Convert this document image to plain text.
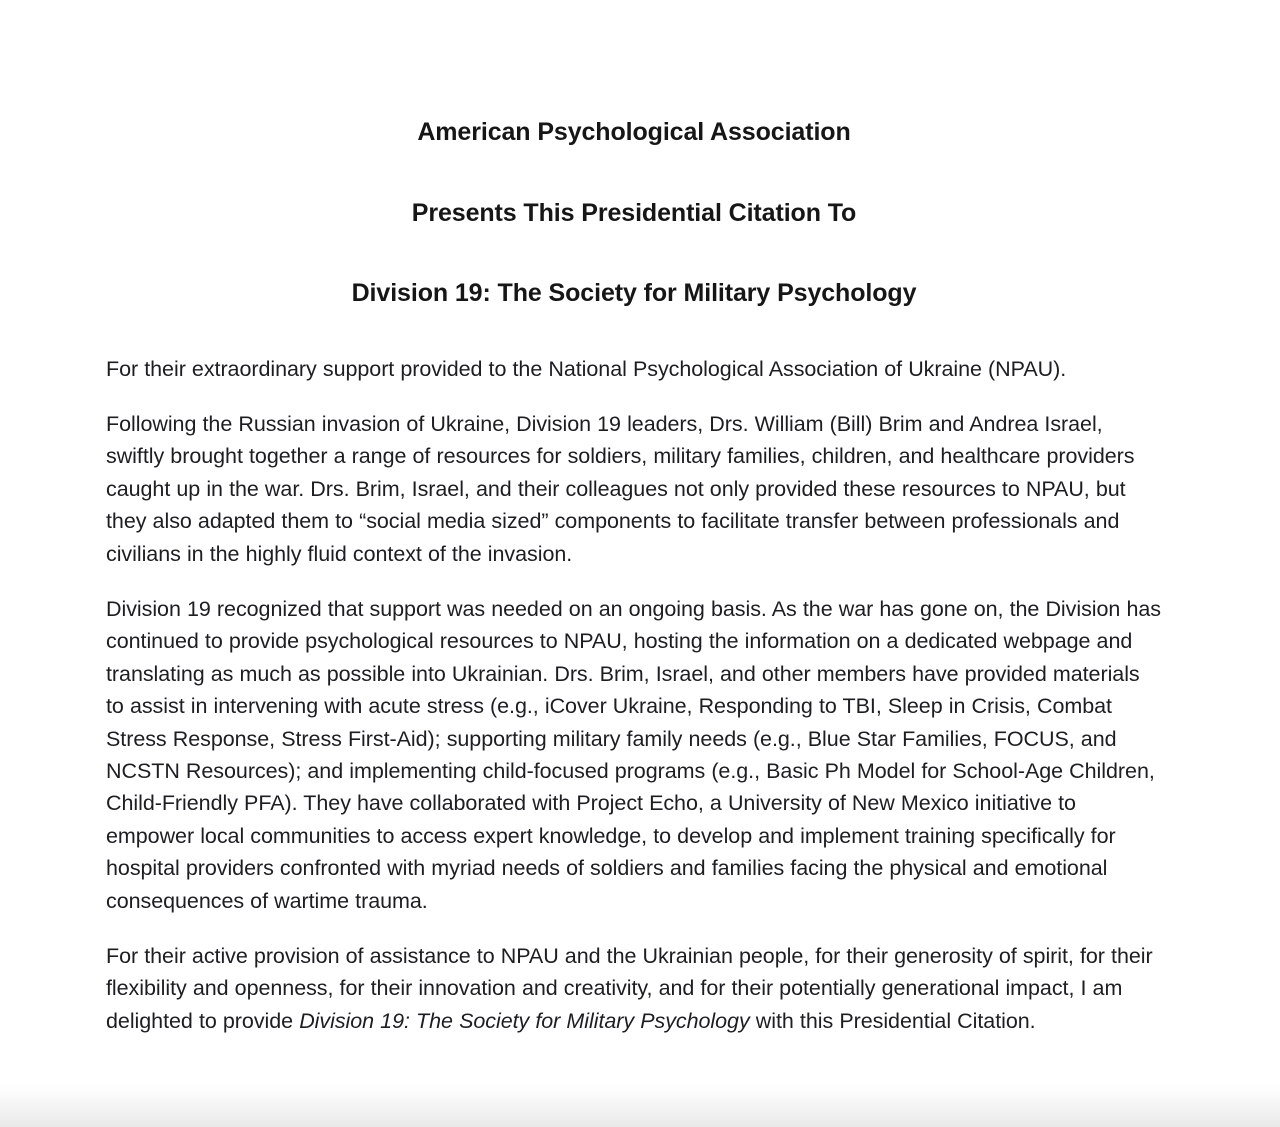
American Psychological Association
Presents This Presidential Citation To
Division 19: The Society for Military Psychology

For their extraordinary support provided to the National Psychological Association of Ukraine (NPAU).

Following the Russian invasion of Ukraine, Division 19 leaders, Drs. William (Bill) Brim and Andrea Israel, swiftly brought together a range of resources for soldiers, military families, children, and healthcare providers caught up in the war. Drs. Brim, Israel, and their colleagues not only provided these resources to NPAU, but they also adapted them to “social media sized” components to facilitate transfer between professionals and civilians in the highly fluid context of the invasion.

Division 19 recognized that support was needed on an ongoing basis. As the war has gone on, the Division has continued to provide psychological resources to NPAU, hosting the information on a dedicated webpage and translating as much as possible into Ukrainian. Drs. Brim, Israel, and other members have provided materials to assist in intervening with acute stress (e.g., iCover Ukraine, Responding to TBI, Sleep in Crisis, Combat Stress Response, Stress First-Aid); supporting military family needs (e.g., Blue Star Families, FOCUS, and NCSTN Resources); and implementing child-focused programs (e.g., Basic Ph Model for School-Age Children, Child-Friendly PFA). They have collaborated with Project Echo, a University of New Mexico initiative to empower local communities to access expert knowledge, to develop and implement training specifically for hospital providers confronted with myriad needs of soldiers and families facing the physical and emotional consequences of wartime trauma.

For their active provision of assistance to NPAU and the Ukrainian people, for their generosity of spirit, for their flexibility and openness, for their innovation and creativity, and for their potentially generational impact, I am delighted to provide Division 19: The Society for Military Psychology with this Presidential Citation.
